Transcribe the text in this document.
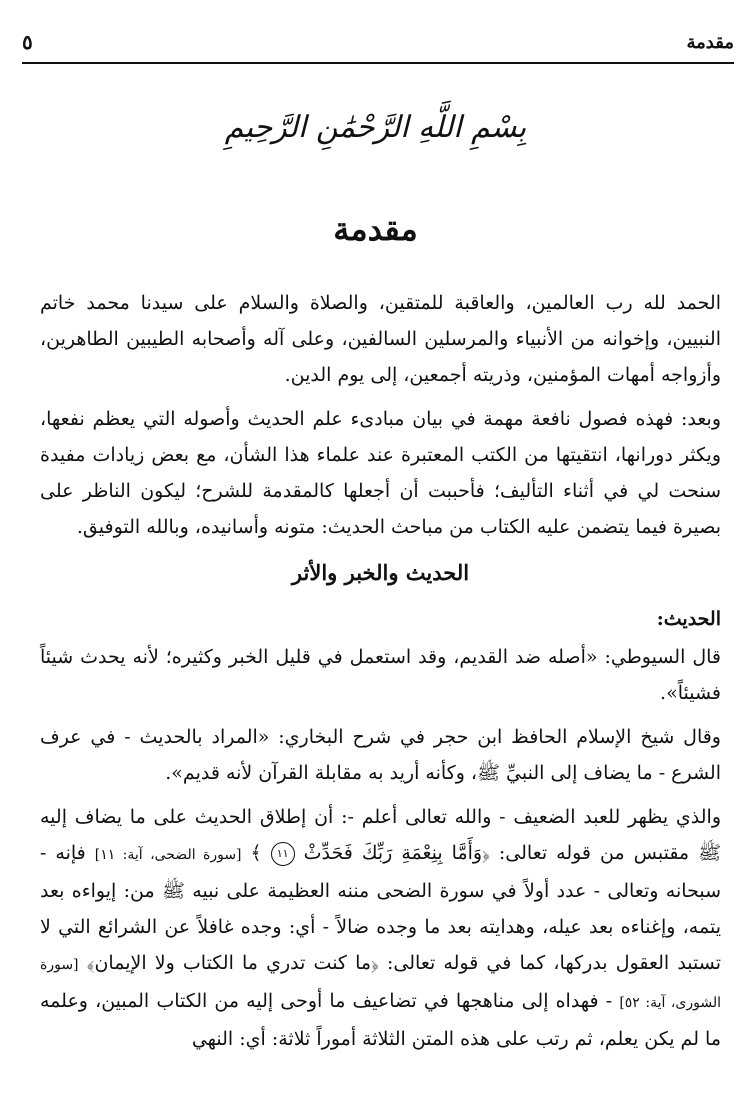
مقدمة
٥
بِسْمِ اللَّهِ الرَّحْمَٰنِ الرَّحِيمِ
مقدمة

الحمد لله رب العالمين، والعاقبة للمتقين، والصلاة والسلام على سيدنا محمد خاتم النبيين، وإخوانه من الأنبياء والمرسلين السالفين، وعلى آله وأصحابه الطيبين الطاهرين، وأزواجه أمهات المؤمنين، وذريته أجمعين، إلى يوم الدين.

وبعد: فهذه فصول نافعة مهمة في بيان مبادىء علم الحديث وأصوله التي يعظم نفعها، ويكثر دورانها، انتقيتها من الكتب المعتبرة عند علماء هذا الشأن، مع بعض زيادات مفيدة سنحت لي في أثناء التأليف؛ فأحببت أن أجعلها كالمقدمة للشرح؛ ليكون الناظر على بصيرة فيما يتضمن عليه الكتاب من مباحث الحديث: متونه وأسانيده، وبالله التوفيق.

الحديث والخبر والأثر
الحديث:

قال السيوطي: «أصله ضد القديم، وقد استعمل في قليل الخبر وكثيره؛ لأنه يحدث شيئاً فشيئاً».

وقال شيخ الإسلام الحافظ ابن حجر في شرح البخاري: «المراد بالحديث - في عرف الشرع - ما يضاف إلى النبيِّ ﷺ، وكأنه أريد به مقابلة القرآن لأنه قديم».

والذي يظهر للعبد الضعيف - والله تعالى أعلم -: أن إطلاق الحديث على ما يضاف إليه ﷺ مقتبس من قوله تعالى: ﴿وَأَمَّا بِنِعْمَةِ رَبِّكَ فَحَدِّثْ ١١ ﴾ [سورة الضحى، آية: ١١] فإنه - سبحانه وتعالى - عدد أولاً في سورة الضحى مننه العظيمة على نبيه ﷺ من: إيواءه بعد يتمه، وإغناءه بعد عيله، وهدايته بعد ما وجده ضالاً - أي: وجده غافلاً عن الشرائع التي لا تستبد العقول بدركها، كما في قوله تعالى: ﴿ما كنت تدري ما الكتاب ولا الإيمان﴾ [سورة الشورى، آية: ٥٢] - فهداه إلى مناهجها في تضاعيف ما أوحى إليه من الكتاب المبين، وعلمه ما لم يكن يعلم، ثم رتب على هذه المتن الثلاثة أموراً ثلاثة: أي: النهي
